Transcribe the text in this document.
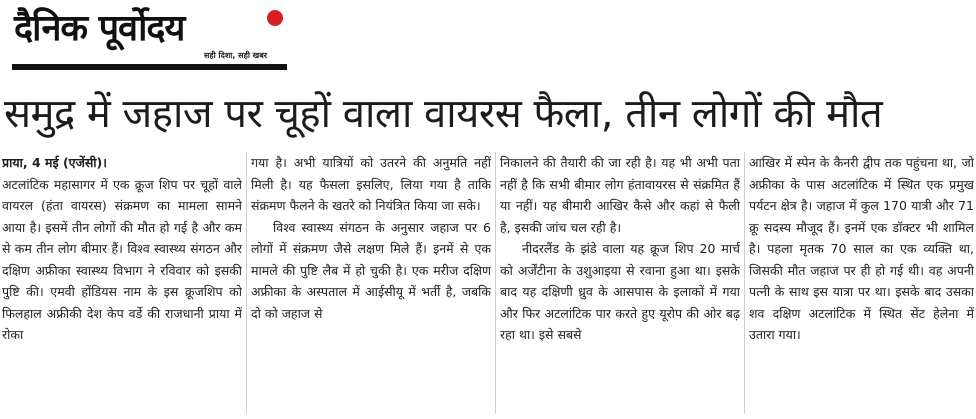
दैनिक पूर्वोदय
सही दिशा, सही खबर
समुद्र में जहाज पर चूहों वाला वायरस फैला, तीन लोगों की मौत

प्राया, 4 मई (एजेंसी)।

अटलांटिक महासागर में एक क्रूज शिप पर चूहों वाले वायरल (हंता वायरस) संक्रमण का मामला सामने आया है। इसमें तीन लोगों की मौत हो गई है और कम से कम तीन लोग बीमार हैं। विश्व स्वास्थ्य संगठन और दक्षिण अफ्रीका स्वास्थ्य विभाग ने रविवार को इसकी पुष्टि की। एमवी होंडियस नाम के इस क्रूजशिप को फिलहाल अफ्रीकी देश केप वर्डे की राजधानी प्राया में रोका

गया है। अभी यात्रियों को उतरने की अनुमति नहीं मिली है। यह फैसला इसलिए, लिया गया है ताकि संक्रमण फैलने के खतरे को नियंत्रित किया जा सके।

विश्व स्वास्थ्य संगठन के अनुसार जहाज पर 6 लोगों में संक्रमण जैसे लक्षण मिले हैं। इनमें से एक मामले की पुष्टि लैब में हो चुकी है। एक मरीज दक्षिण अफ्रीका के अस्पताल में आईसीयू में भर्ती है, जबकि दो को जहाज से

निकालने की तैयारी की जा रही है। यह भी अभी पता नहीं है कि सभी बीमार लोग हंतावायरस से संक्रमित हैं या नहीं। यह बीमारी आखिर कैसे और कहां से फैली है, इसकी जांच चल रही है।

नीदरलैंड के झंडे वाला यह क्रूज शिप 20 मार्च को अर्जेंटीना के उशुआइया से रवाना हुआ था। इसके बाद यह दक्षिणी ध्रुव के आसपास के इलाकों में गया और फिर अटलांटिक पार करते हुए यूरोप की ओर बढ़ रहा था। इसे सबसे

आखिर में स्पेन के कैनरी द्वीप तक पहुंचना था, जो अफ्रीका के पास अटलांटिक में स्थित एक प्रमुख पर्यटन क्षेत्र है। जहाज में कुल 170 यात्री और 71 क्रू सदस्य मौजूद हैं। इनमें एक डॉक्टर भी शामिल है। पहला मृतक 70 साल का एक व्यक्ति था, जिसकी मौत जहाज पर ही हो गई थी। वह अपनी पत्नी के साथ इस यात्रा पर था। इसके बाद उसका शव दक्षिण अटलांटिक में स्थित सेंट हेलेना में उतारा गया।
